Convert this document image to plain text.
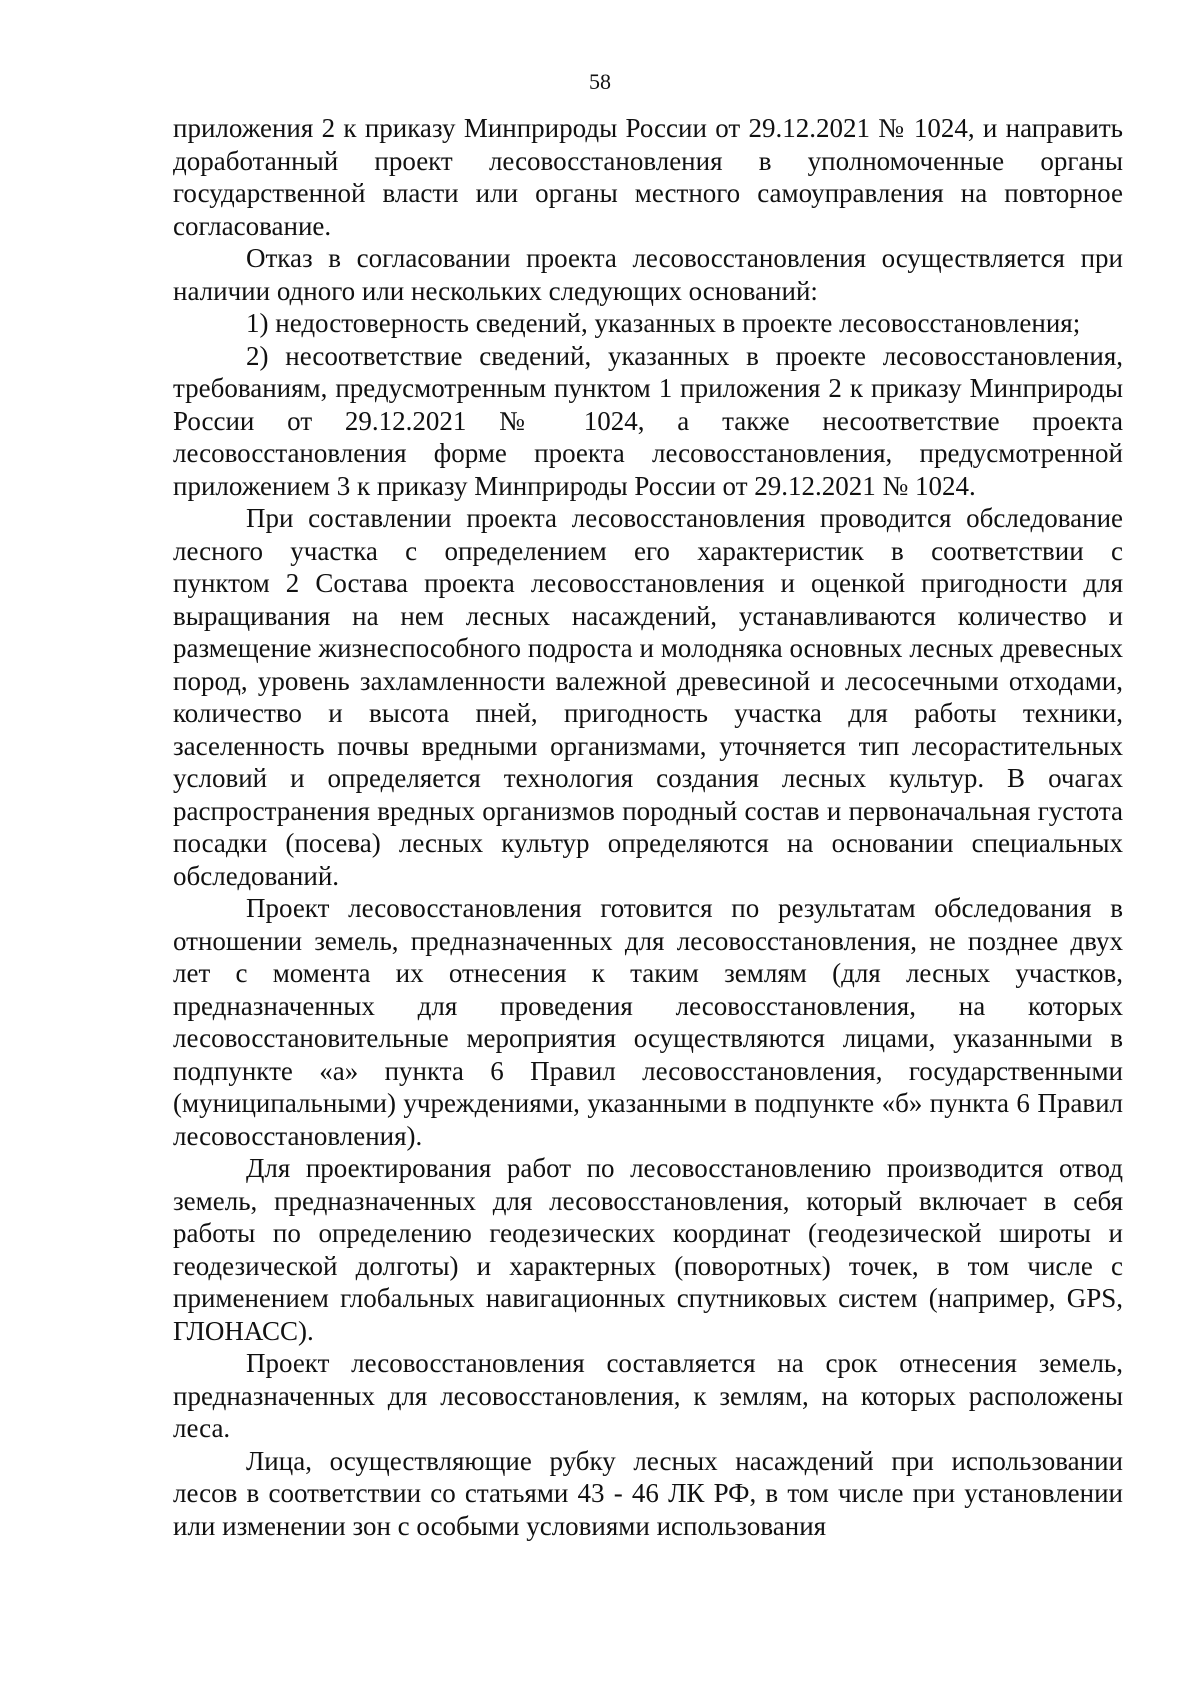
58

приложения 2 к приказу Минприроды России от 29.12.2021 № 1024, и направить доработанный проект лесовосстановления в уполномоченные органы государственной власти или органы местного самоуправления на повторное согласование.

Отказ в согласовании проекта лесовосстановления осуществляется при наличии одного или нескольких следующих оснований:

1) недостоверность сведений, указанных в проекте лесовосстановления;

2) несоответствие сведений, указанных в проекте лесовосстановления, требованиям, предусмотренным пунктом 1 приложения 2 к приказу Минприроды России от 29.12.2021 № 1024, а также несоответствие проекта лесовосстановления форме проекта лесовосстановления, предусмотренной приложением 3 к приказу Минприроды России от 29.12.2021 № 1024.

При составлении проекта лесовосстановления проводится обследование лесного участка с определением его характеристик в соответствии с

пунктом 2 Состава проекта лесовосстановления и оценкой пригодности для выращивания на нем лесных насаждений, устанавливаются количество и размещение жизнеспособного подроста и молодняка основных лесных древесных пород, уровень захламленности валежной древесиной и лесосечными отходами, количество и высота пней, пригодность участка для работы техники, заселенность почвы вредными организмами, уточняется тип лесорастительных условий и определяется технология создания лесных культур. В очагах распространения вредных организмов породный состав и первоначальная густота посадки (посева) лесных культур определяются на основании специальных обследований.

Проект лесовосстановления готовится по результатам обследования в отношении земель, предназначенных для лесовосстановления, не позднее двух лет с момента их отнесения к таким землям (для лесных участков, предназначенных для проведения лесовосстановления, на которых лесовосстановительные мероприятия осуществляются лицами, указанными в подпункте «а» пункта 6 Правил лесовосстановления, государственными (муниципальными) учреждениями, указанными в подпункте «б» пункта 6 Правил лесовосстановления).

Для проектирования работ по лесовосстановлению производится отвод земель, предназначенных для лесовосстановления, который включает в себя работы по определению геодезических координат (геодезической широты и геодезической долготы) и характерных (поворотных) точек, в том числе с применением глобальных навигационных спутниковых систем (например, GPS, ГЛОНАСС).

Проект лесовосстановления составляется на срок отнесения земель, предназначенных для лесовосстановления, к землям, на которых расположены леса.

Лица, осуществляющие рубку лесных насаждений при использовании лесов в соответствии со статьями 43 - 46 ЛК РФ, в том числе при установлении или изменении зон с особыми условиями использования
